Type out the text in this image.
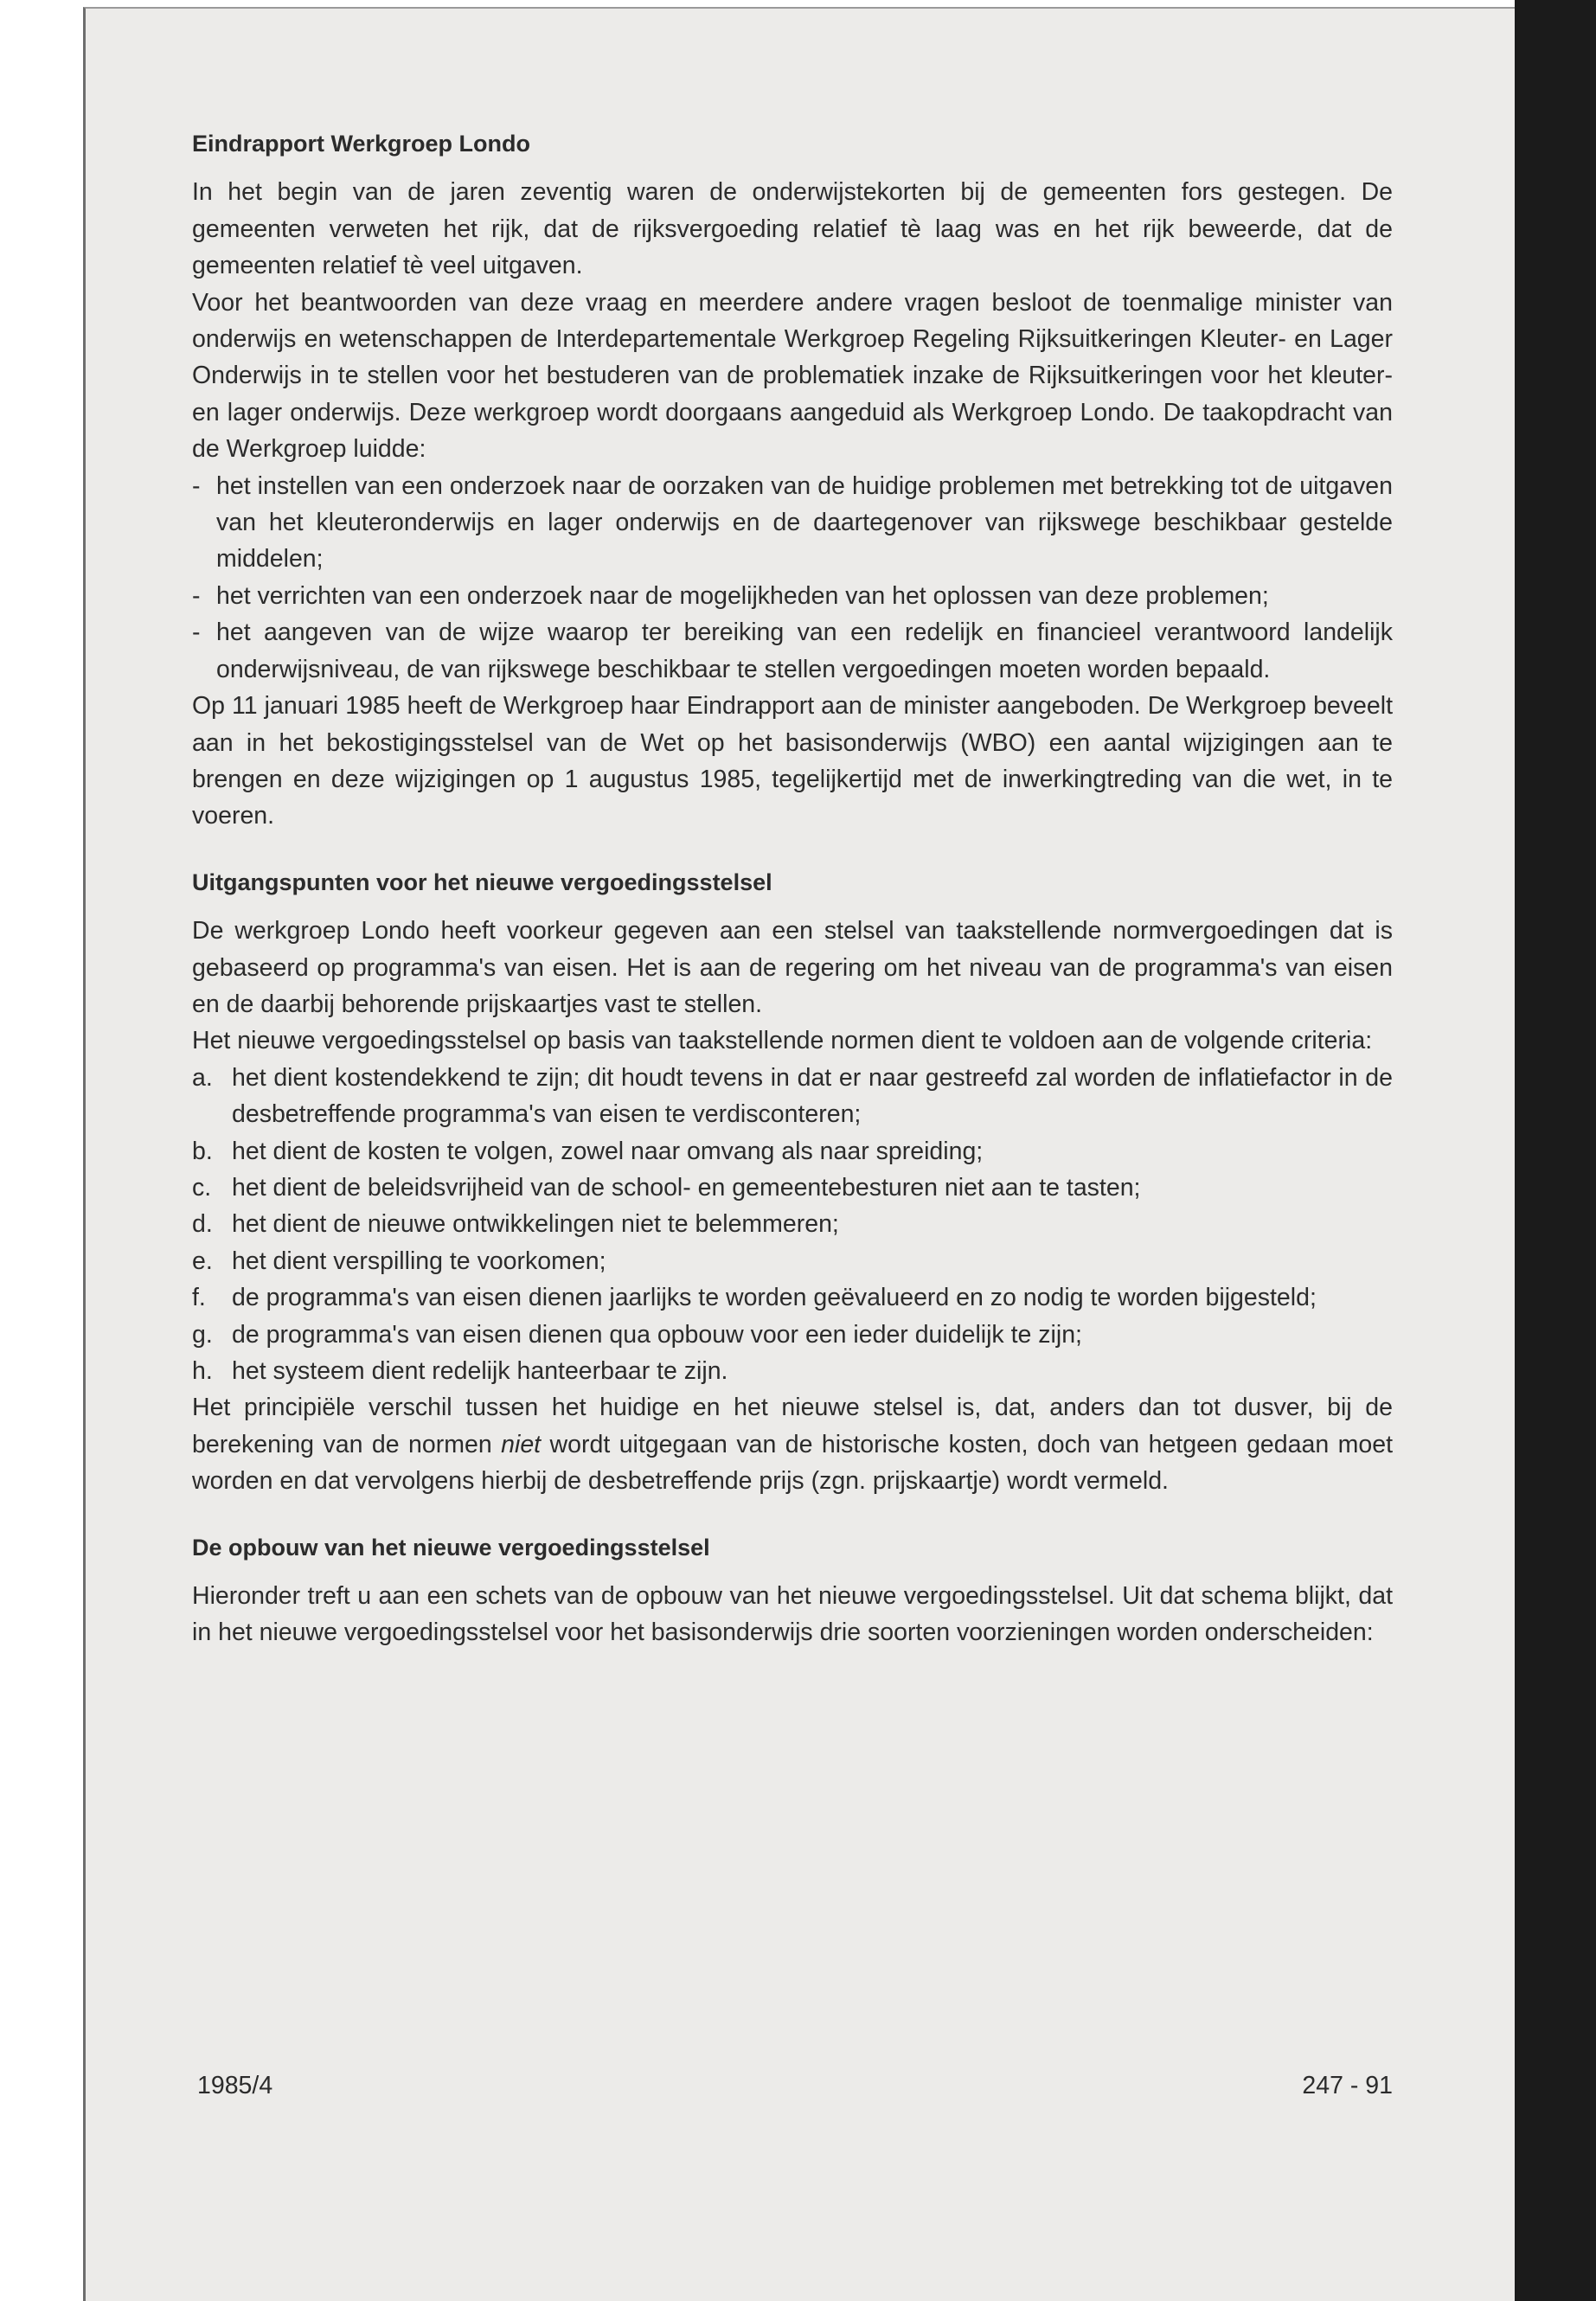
Eindrapport Werkgroep Londo

In het begin van de jaren zeventig waren de onderwijstekorten bij de gemeenten fors gestegen. De gemeenten verweten het rijk, dat de rijksvergoeding relatief tè laag was en het rijk beweerde, dat de gemeenten relatief tè veel uitgaven.

Voor het beantwoorden van deze vraag en meerdere andere vragen besloot de toenmalige minister van onderwijs en wetenschappen de Interdepartementale Werkgroep Regeling Rijksuitkeringen Kleuter- en Lager Onderwijs in te stellen voor het bestuderen van de problematiek inzake de Rijksuitkeringen voor het kleuter- en lager onderwijs. Deze werkgroep wordt doorgaans aangeduid als Werkgroep Londo. De taakopdracht van de Werkgroep luidde:

- het instellen van een onderzoek naar de oorzaken van de huidige problemen met betrekking tot de uitgaven van het kleuteronderwijs en lager onderwijs en de daartegenover van rijkswege beschikbaar gestelde middelen;
- het verrichten van een onderzoek naar de mogelijkheden van het oplossen van deze problemen;
- het aangeven van de wijze waarop ter bereiking van een redelijk en financieel verantwoord landelijk onderwijsniveau, de van rijkswege beschikbaar te stellen vergoedingen moeten worden bepaald.

Op 11 januari 1985 heeft de Werkgroep haar Eindrapport aan de minister aangeboden. De Werkgroep beveelt aan in het bekostigingsstelsel van de Wet op het basisonderwijs (WBO) een aantal wijzigingen aan te brengen en deze wijzigingen op 1 augustus 1985, tegelijkertijd met de inwerkingtreding van die wet, in te voeren.

Uitgangspunten voor het nieuwe vergoedingsstelsel

De werkgroep Londo heeft voorkeur gegeven aan een stelsel van taakstellende normvergoedingen dat is gebaseerd op programma's van eisen. Het is aan de regering om het niveau van de programma's van eisen en de daarbij behorende prijskaartjes vast te stellen.

Het nieuwe vergoedingsstelsel op basis van taakstellende normen dient te voldoen aan de volgende criteria:

a. het dient kostendekkend te zijn; dit houdt tevens in dat er naar gestreefd zal worden de inflatiefactor in de desbetreffende programma's van eisen te verdisconteren;
b. het dient de kosten te volgen, zowel naar omvang als naar spreiding;
c. het dient de beleidsvrijheid van de school- en gemeentebesturen niet aan te tasten;
d. het dient de nieuwe ontwikkelingen niet te belemmeren;
e. het dient verspilling te voorkomen;
f. de programma's van eisen dienen jaarlijks te worden geëvalueerd en zo nodig te worden bijgesteld;
g. de programma's van eisen dienen qua opbouw voor een ieder duidelijk te zijn;
h. het systeem dient redelijk hanteerbaar te zijn.

Het principiële verschil tussen het huidige en het nieuwe stelsel is, dat, anders dan tot dusver, bij de berekening van de normen niet wordt uitgegaan van de historische kosten, doch van hetgeen gedaan moet worden en dat vervolgens hierbij de desbetreffende prijs (zgn. prijskaartje) wordt vermeld.

De opbouw van het nieuwe vergoedingsstelsel

Hieronder treft u aan een schets van de opbouw van het nieuwe vergoedingsstelsel. Uit dat schema blijkt, dat in het nieuwe vergoedingsstelsel voor het basisonderwijs drie soorten voorzieningen worden onderscheiden:

1985/4	247 - 91
